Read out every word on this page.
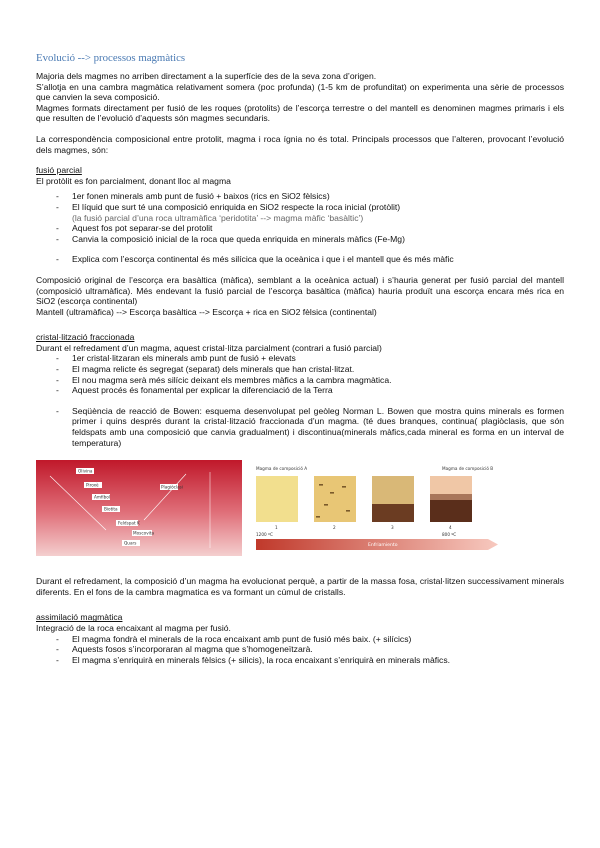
Evolució --> processos magmàtics

Majoria dels magmes no arriben directament a la superfície des de la seva zona d’origen.

S’allotja en una cambra magmàtica relativament somera (poc profunda) (1-5 km de profunditat) on experimenta una sèrie de processos que canvien la seva composició.

Magmes formats directament per fusió de les roques (protolits) de l’escorça terrestre o del mantell es denominen magmes primaris i els que resulten de l’evolució d’aquests són magmes secundaris.

La correspondència composicional entre protolit, magma i roca ígnia no és total. Principals processos que l’alteren, provocant l’evolució dels magmes, són:

fusió parcial

El protòlit es fon parcialment, donant lloc al magma

- 1er fonen minerals amb punt de fusió + baixos (rics en SiO2 fèlsics)
- El líquid que surt té una composició enriquida en SiO2 respecte la roca inicial (protòlit)
(la fusió parcial d’una roca ultramàfica ‘peridotita’ --> magma màfic ‘basàltic’)
- Aquest fos pot separar-se del protolit
- Canvia la composició inicial de la roca que queda enriquida en minerals màfics (Fe-Mg)
- Explica com l’escorça continental és més silícica que la oceànica i que i el mantell que és més màfic

Composició original de l’escorça era basàltica (màfica), semblant a la oceànica actual) i s’hauria generat per fusió parcial del mantell (composició ultramàfica). Més endevant la fusió parcial de l’escorça basàltica (màfica) hauria produït una escorça encara més rica en SiO2 (escorça continental)

Mantell (ultramàfica) --> Escorça basàltica --> Escorça + rica en SiO2 fèlsica (continental)

cristal·lització fraccionada

Durant el refredament d’un magma, aquest cristal·litza parcialment (contrari a fusió parcial)

- 1er cristal·litzaran els minerals amb punt de fusió + elevats
- El magma relicte és segregat (separat) dels minerals que han cristal·litzat.
- El nou magma serà més silícic deixant els membres màfics a la cambra magmàtica.
- Aquest procés és fonamental per explicar la diferenciació de la Terra
- Seqüència de reacció de Bowen: esquema desenvolupat pel geòleg Norman L. Bowen que mostra quins minerals es formen primer i quins després durant la cristal·lització fraccionada d’un magma. (té dues branques, continua( plagiòclasis, que són feldspats amb una composició que canvia gradualment) i discontinua(minerals màfics,cada mineral es forma en un interval de temperatura)
Olivina
Piroxè
Amfíbol
Biotita
Plagiòclasi
Feldspat K
Moscovita
Quars
Magma de composició A	Magma de composició B
1	2	3	4
1200 ºC	800 ºC
Enfriamiento

Durant el refredament, la composició d’un magma ha evolucionat perquè, a partir de la massa fosa, cristal·litzen successivament minerals diferents. En el fons de la cambra magmatica es va formant un cúmul de cristalls.

assimilació magmàtica

Integració de la roca encaixant al magma per fusió.

- El magma fondrà el minerals de la roca encaixant amb punt de fusió més baix. (+ silícics)
- Aquests fosos s’incorporaran al magma que s’homogeneïtzarà.
- El magma s’enriquirà en minerals fèlsics (+ silicis), la roca encaixant s’enriquirà en minerals màfics.
